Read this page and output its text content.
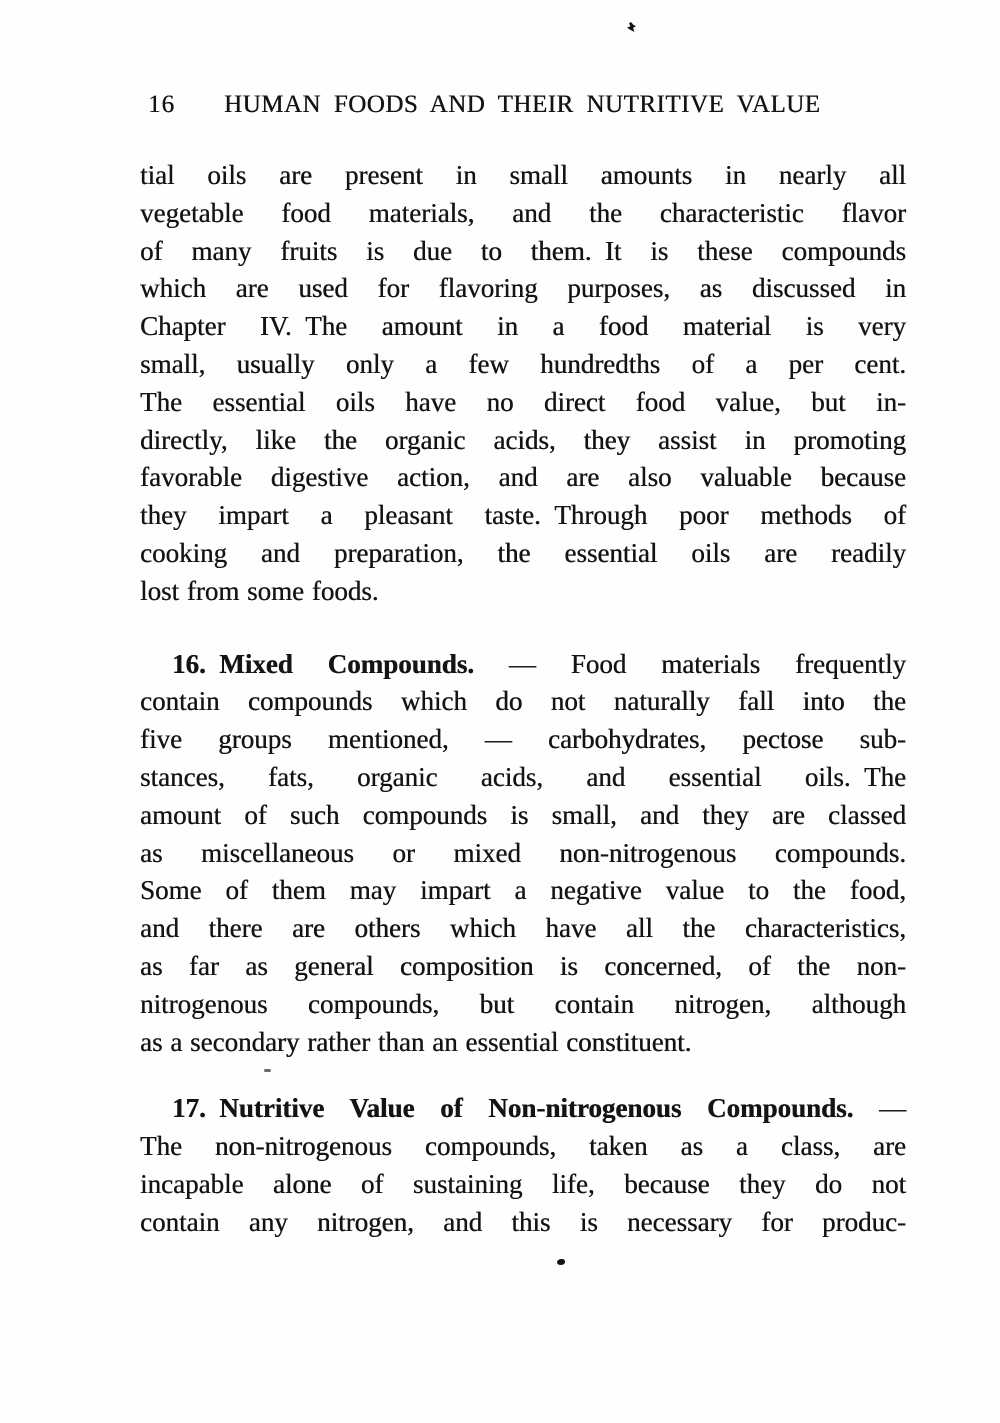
16 HUMAN FOODS AND THEIR NUTRITIVE VALUE
tial oils are present in small amounts in nearly all
vegetable food materials, and the characteristic flavor
of many fruits is due to them. It is these compounds
which are used for flavoring purposes, as discussed in
Chapter IV. The amount in a food material is very
small, usually only a few hundredths of a per cent.
The essential oils have no direct food value, but in-
directly, like the organic acids, they assist in promoting
favorable digestive action, and are also valuable because
they impart a pleasant taste. Through poor methods of
cooking and preparation, the essential oils are readily
lost from some foods.
16. Mixed Compounds. — Food materials frequently
contain compounds which do not naturally fall into the
five groups mentioned, — carbohydrates, pectose sub-
stances, fats, organic acids, and essential oils. The
amount of such compounds is small, and they are classed
as miscellaneous or mixed non-nitrogenous compounds.
Some of them may impart a negative value to the food,
and there are others which have all the characteristics,
as far as general composition is concerned, of the non-
nitrogenous compounds, but contain nitrogen, although
as a secondary rather than an essential constituent.
17. Nutritive Value of Non-nitrogenous Compounds. —
The non-nitrogenous compounds, taken as a class, are
incapable alone of sustaining life, because they do not
contain any nitrogen, and this is necessary for produc-
